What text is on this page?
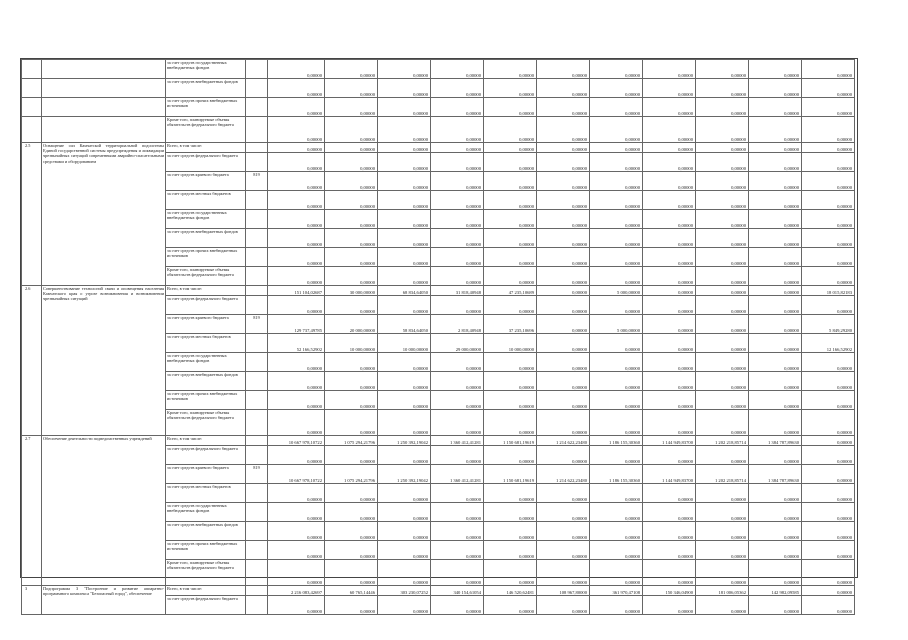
		за счет средств государственных внебюджетных фондов		0,00000	0,00000	0,00000	0,00000	0,00000	0,00000	0,00000	0,00000	0,00000	0,00000	0,00000
		за счет средств внебюджетных фондов		0,00000	0,00000	0,00000	0,00000	0,00000	0,00000	0,00000	0,00000	0,00000	0,00000	0,00000
		за счет средств прочих внебюджетных источников		0,00000	0,00000	0,00000	0,00000	0,00000	0,00000	0,00000	0,00000	0,00000	0,00000	0,00000
		Кроме того, планируемые объемы обязательств федерального бюджета		0,00000	0,00000	0,00000	0,00000	0,00000	0,00000	0,00000	0,00000	0,00000	0,00000	0,00000
2.5	Оснащение сил Камчатской территориальной подсистемы Единой государственной системы предупреждения и ликвидации чрезвычайных ситуаций современными аварийно-спасательными средствами и оборудованием	Всего, в том числе:		0,00000	0,00000	0,00000	0,00000	0,00000	0,00000	0,00000	0,00000	0,00000	0,00000	0,00000
		за счет средств федерального бюджета		0,00000	0,00000	0,00000	0,00000	0,00000	0,00000	0,00000	0,00000	0,00000	0,00000	0,00000
		за счет средств краевого бюджета	819	0,00000	0,00000	0,00000	0,00000	0,00000	0,00000	0,00000	0,00000	0,00000	0,00000	0,00000
		за счет средств местных бюджетов		0,00000	0,00000	0,00000	0,00000	0,00000	0,00000	0,00000	0,00000	0,00000	0,00000	0,00000
		за счет средств государственных внебюджетных фондов		0,00000	0,00000	0,00000	0,00000	0,00000	0,00000	0,00000	0,00000	0,00000	0,00000	0,00000
		за счет средств внебюджетных фондов		0,00000	0,00000	0,00000	0,00000	0,00000	0,00000	0,00000	0,00000	0,00000	0,00000	0,00000
		за счет средств прочих внебюджетных источников		0,00000	0,00000	0,00000	0,00000	0,00000	0,00000	0,00000	0,00000	0,00000	0,00000	0,00000
		Кроме того, планируемые объемы обязательств федерального бюджета		0,00000	0,00000	0,00000	0,00000	0,00000	0,00000	0,00000	0,00000	0,00000	0,00000	0,00000
2.6	Совершенствование технологий связи и оповещения населения Камчатского края о угрозе возникновения и возникновении чрезвычайных ситуаций	Всего, в том числе:		151 104,02687	30 000,00000	68 834,64050	31 818,40948	47 235,10689	0,00000	5 000,00000	0,00000	0,00000	0,00000	18 015,82183
		за счет средств федерального бюджета		0,00000	0,00000	0,00000	0,00000	0,00000	0,00000	0,00000	0,00000	0,00000	0,00000	0,00000
		за счет средств краевого бюджета	819	129 737,49785	20 000,00000	58 834,64050	2 818,40948	37 235,10696	0,00000	5 000,00000	0,00000	0,00000	0,00000	5 849,29280
		за счет средств местных бюджетов		52 166,52902	10 000,00000	10 000,00000	29 000,00000	10 000,00000	0,00000	0,00000	0,00000	0,00000	0,00000	12 166,52902
		за счет средств государственных внебюджетных фондов		0,00000	0,00000	0,00000	0,00000	0,00000	0,00000	0,00000	0,00000	0,00000	0,00000	0,00000
		за счет средств внебюджетных фондов		0,00000	0,00000	0,00000	0,00000	0,00000	0,00000	0,00000	0,00000	0,00000	0,00000	0,00000
		за счет средств прочих внебюджетных источников		0,00000	0,00000	0,00000	0,00000	0,00000	0,00000	0,00000	0,00000	0,00000	0,00000	0,00000
		Кроме того, планируемые объемы обязательств федерального бюджета		0,00000	0,00000	0,00000	0,00000	0,00000	0,00000	0,00000	0,00000	0,00000	0,00000	0,00000
2.7	Обеспечение деятельности подведомственных учреждений	Всего, в том числе:		10 667 978,10722	1 075 294,21796	1 250 392,19042	1 360 412,41281	1 150 681,19619	1 214 622,23480	1 186 155,30360	1 144 949,83700	1 202 218,85714	1 384 787,89630	0,00000
		за счет средств федерального бюджета		0,00000	0,00000	0,00000	0,00000	0,00000	0,00000	0,00000	0,00000	0,00000	0,00000	0,00000
		за счет средств краевого бюджета	819	10 667 978,10722	1 075 294,21796	1 250 392,19042	1 360 412,41281	1 150 681,19619	1 214 622,23480	1 186 155,30360	1 144 949,83700	1 202 218,85714	1 384 787,89630	0,00000
		за счет средств местных бюджетов		0,00000	0,00000	0,00000	0,00000	0,00000	0,00000	0,00000	0,00000	0,00000	0,00000	0,00000
		за счет средств государственных внебюджетных фондов		0,00000	0,00000	0,00000	0,00000	0,00000	0,00000	0,00000	0,00000	0,00000	0,00000	0,00000
		за счет средств внебюджетных фондов		0,00000	0,00000	0,00000	0,00000	0,00000	0,00000	0,00000	0,00000	0,00000	0,00000	0,00000
		за счет средств прочих внебюджетных источников		0,00000	0,00000	0,00000	0,00000	0,00000	0,00000	0,00000	0,00000	0,00000	0,00000	0,00000
		Кроме того, планируемые объемы обязательств федерального бюджета		0,00000	0,00000	0,00000	0,00000	0,00000	0,00000	0,00000	0,00000	0,00000	0,00000	0,00000
3	Подпрограмма 3 "Построение и развитие аппаратно-программного комплекса "Безопасный город", обеспечение	Всего, в том числе:		2 216 083,42697	60 765,14446	303 230,07252	340 154,61054	146 520,62481	108 967,80000	361 970,47108	150 346,04900	181 006,05362	142 982,09585	0,00000
		за счет средств федерального бюджета		0,00000	0,00000	0,00000	0,00000	0,00000	0,00000	0,00000	0,00000	0,00000	0,00000	0,00000
